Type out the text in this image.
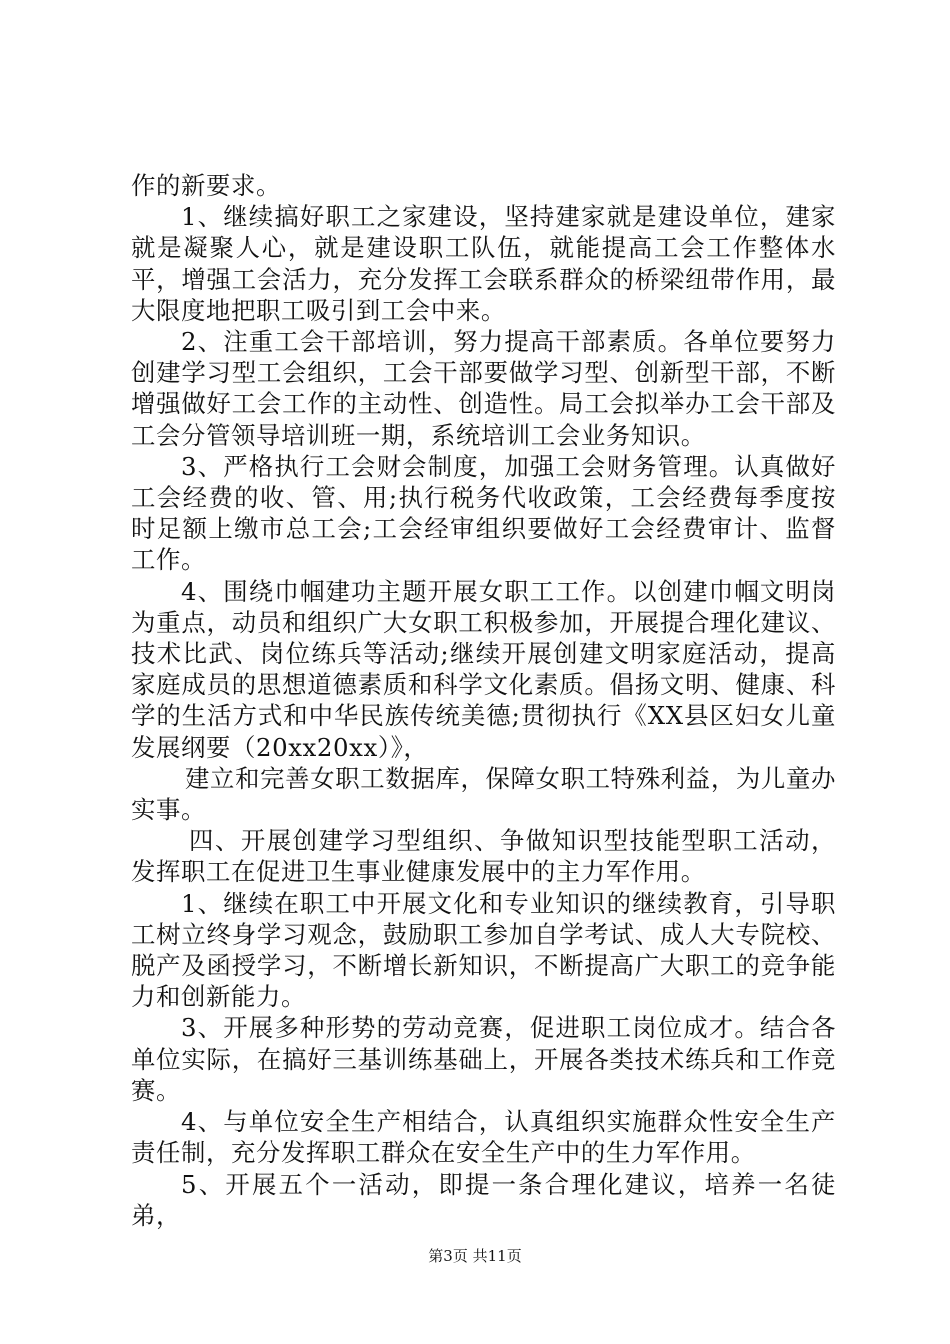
作的新要求。

1、继续搞好职工之家建设，坚持建家就是建设单位，建家就是凝聚人心，就是建设职工队伍，就能提高工会工作整体水平，增强工会活力，充分发挥工会联系群众的桥梁纽带作用，最大限度地把职工吸引到工会中来。

2、注重工会干部培训，努力提高干部素质。各单位要努力创建学习型工会组织，工会干部要做学习型、创新型干部，不断增强做好工会工作的主动性、创造性。局工会拟举办工会干部及工会分管领导培训班一期，系统培训工会业务知识。

3、严格执行工会财会制度，加强工会财务管理。认真做好工会经费的收、管、用;执行税务代收政策，工会经费每季度按时足额上缴市总工会;工会经审组织要做好工会经费审计、监督工作。

4、围绕巾帼建功主题开展女职工工作。以创建巾帼文明岗为重点，动员和组织广大女职工积极参加，开展提合理化建议、技术比武、岗位练兵等活动;继续开展创建文明家庭活动，提高家庭成员的思想道德素质和科学文化素质。倡扬文明、健康、科学的生活方式和中华民族传统美德;贯彻执行《XX县区妇女儿童发展纲要（20xx20xx）》，

建立和完善女职工数据库，保障女职工特殊利益，为儿童办实事。

四、开展创建学习型组织、争做知识型技能型职工活动，发挥职工在促进卫生事业健康发展中的主力军作用。

1、继续在职工中开展文化和专业知识的继续教育，引导职工树立终身学习观念，鼓励职工参加自学考试、成人大专院校、脱产及函授学习，不断增长新知识，不断提高广大职工的竞争能力和创新能力。

3、开展多种形势的劳动竞赛，促进职工岗位成才。结合各单位实际，在搞好三基训练基础上，开展各类技术练兵和工作竞赛。

4、与单位安全生产相结合，认真组织实施群众性安全生产责任制，充分发挥职工群众在安全生产中的生力军作用。

5、开展五个一活动，即提一条合理化建议，培养一名徒弟，

第3页 共11页
